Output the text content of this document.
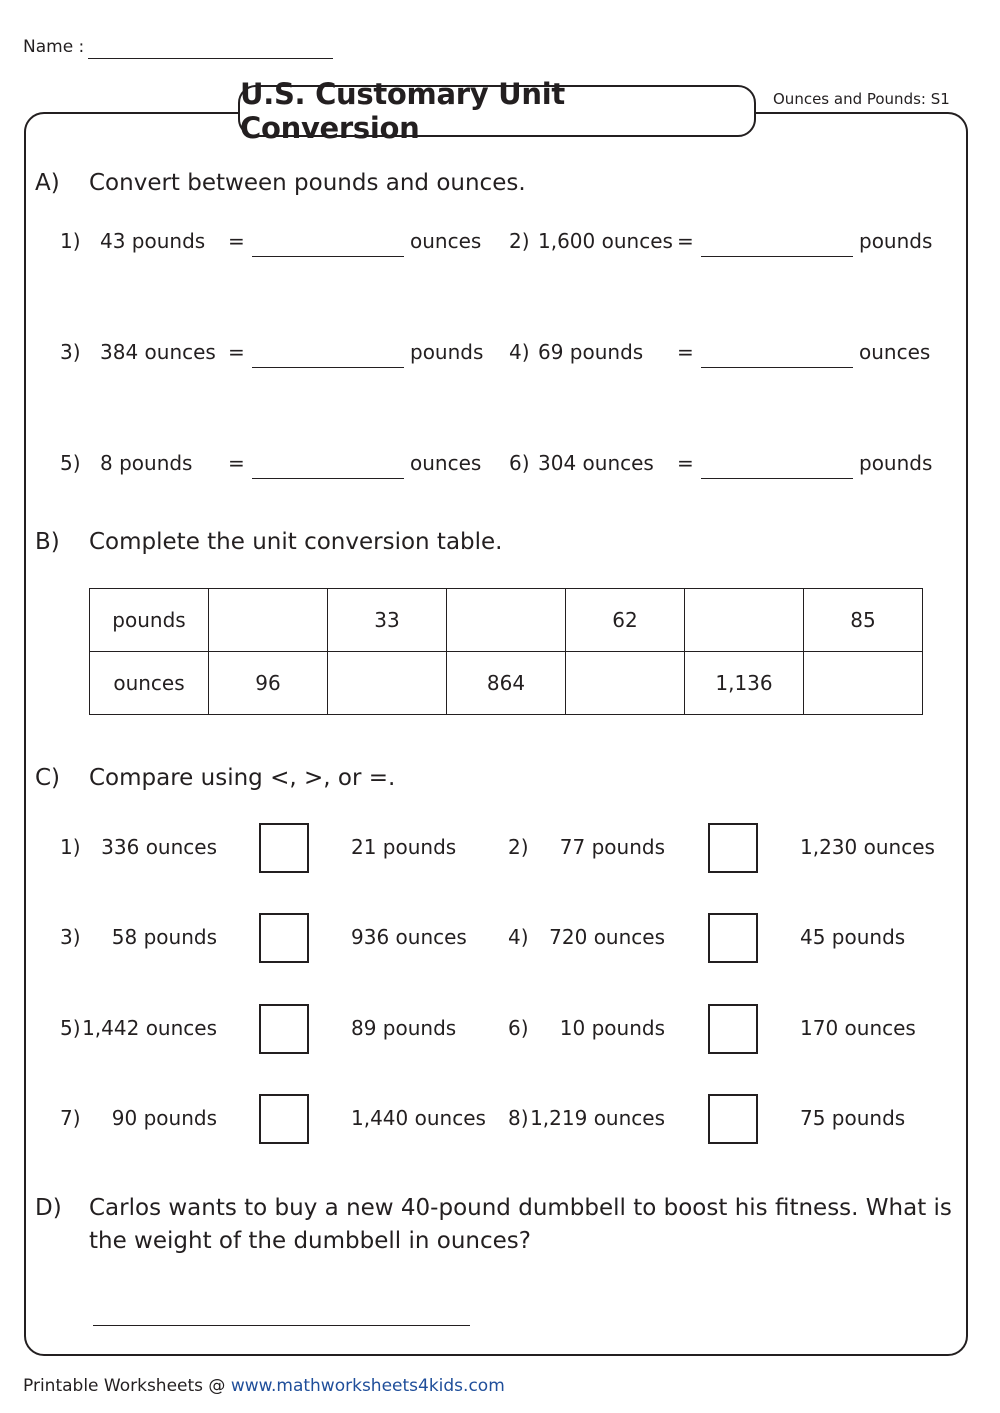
Name :
Ounces and Pounds: S1
U.S. Customary Unit Conversion
A) Convert between pounds and ounces.
1) 43 pounds =	ounces 2) 1,600 ounces =	pounds
3) 384 ounces =	pounds 4) 69 pounds =	ounces
5) 8 pounds =	ounces 6) 304 ounces =	pounds
B) Complete the unit conversion table.
pounds		33		62		85
ounces	96		864		1,136	
C) Compare using <, >, or =.
1)	336 ounces	21 pounds	2)	77 pounds	1,230 ounces
3)	58 pounds	936 ounces 4)	720 ounces	45 pounds
5) 1,442 ounces	89 pounds	6)	10 pounds	170 ounces
7)	90 pounds	1,440 ounces 8) 1,219 ounces	75 pounds
D) Carlos wants to buy a new 40-pound dumbbell to boost his fitness. What is
the weight of the dumbbell in ounces?
Printable Worksheets @ www.mathworksheets4kids.com
